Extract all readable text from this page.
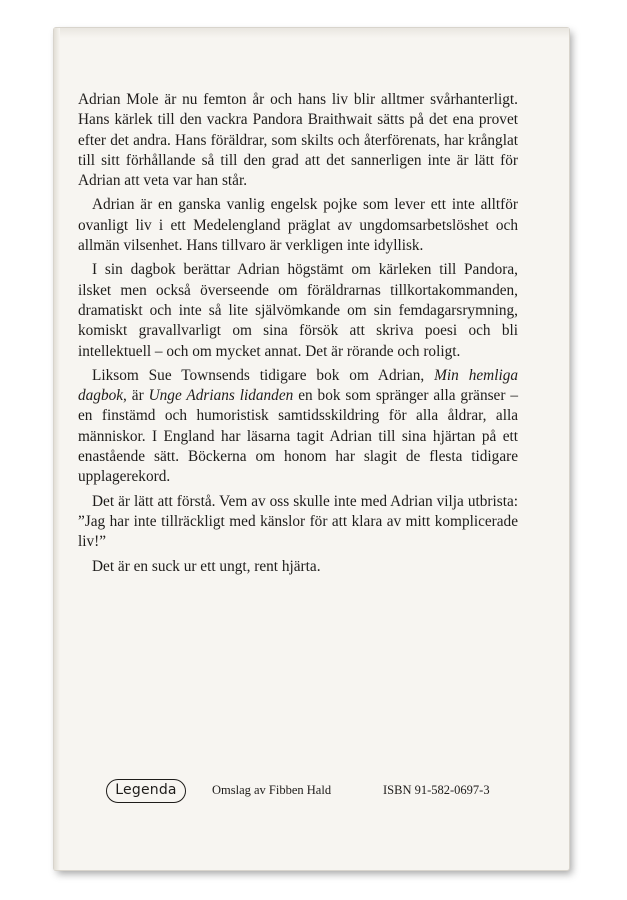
Adrian Mole är nu femton år och hans liv blir alltmer svårhanterligt. Hans kärlek till den vackra Pandora Braithwait sätts på det ena provet efter det andra. Hans föräldrar, som skilts och återförenats, har krånglat till sitt förhållande så till den grad att det sannerligen inte är lätt för Adrian att veta var han står.

Adrian är en ganska vanlig engelsk pojke som lever ett inte alltför ovanligt liv i ett Medelengland präglat av ungdomsarbetslöshet och allmän vilsenhet. Hans tillvaro är verkligen inte idyllisk.

I sin dagbok berättar Adrian högstämt om kärleken till Pandora, ilsket men också överseende om föräldrarnas tillkortakommanden, dramatiskt och inte så lite självömkande om sin femdagarsrymning, komiskt gravallvarligt om sina försök att skriva poesi och bli intellektuell – och om mycket annat. Det är rörande och roligt.

Liksom Sue Townsends tidigare bok om Adrian, Min hemliga dagbok, är Unge Adrians lidanden en bok som spränger alla gränser – en finstämd och humoristisk samtidsskildring för alla åldrar, alla människor. I England har läsarna tagit Adrian till sina hjärtan på ett enastående sätt. Böckerna om honom har slagit de flesta tidigare upplagerekord.

Det är lätt att förstå. Vem av oss skulle inte med Adrian vilja utbrista: ”Jag har inte tillräckligt med känslor för att klara av mitt komplicerade liv!”

Det är en suck ur ett ungt, rent hjärta.

Legenda	Omslag av Fibben Hald	ISBN 91-582-0697-3
